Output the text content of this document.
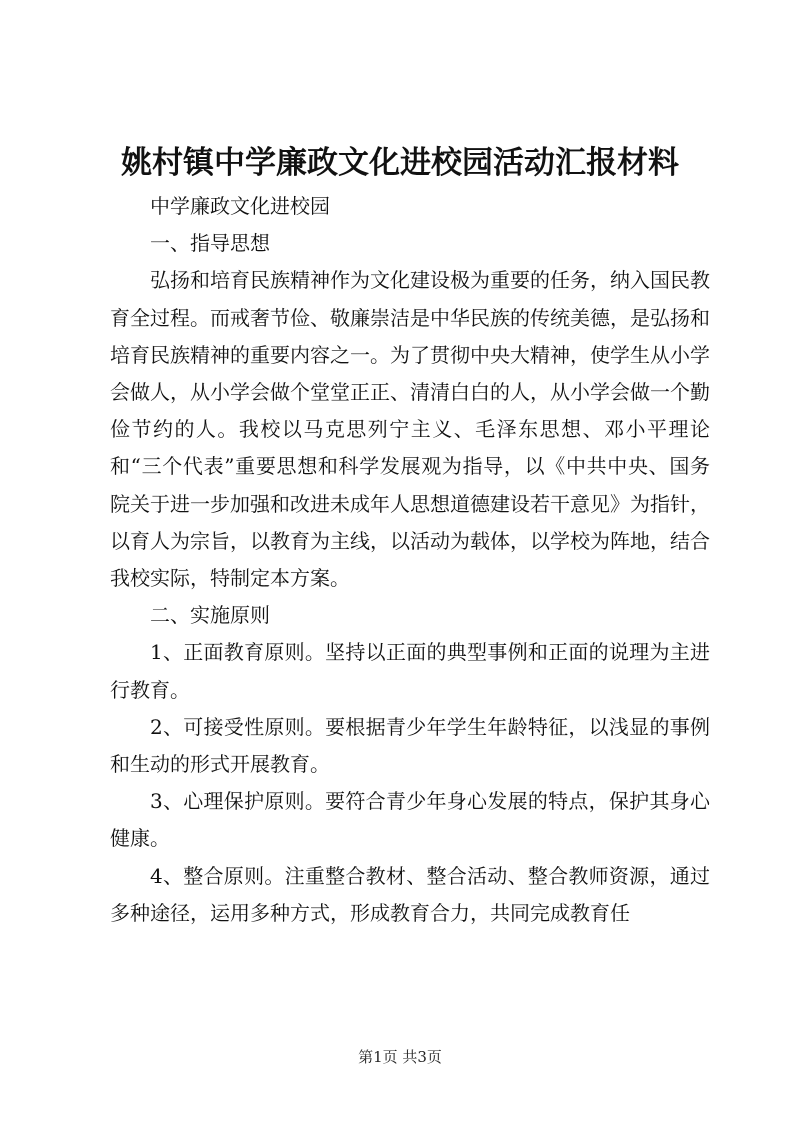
姚村镇中学廉政文化进校园活动汇报材料

中学廉政文化进校园

一、指导思想

弘扬和培育民族精神作为文化建设极为重要的任务，纳入国民教育全过程。而戒奢节俭、敬廉崇洁是中华民族的传统美德，是弘扬和培育民族精神的重要内容之一。为了贯彻中央大精神，使学生从小学会做人，从小学会做个堂堂正正、清清白白的人，从小学会做一个勤俭节约的人。我校以马克思列宁主义、毛泽东思想、邓小平理论和“三个代表”重要思想和科学发展观为指导，以《中共中央、国务院关于进一步加强和改进未成年人思想道德建设若干意见》为指针，以育人为宗旨，以教育为主线，以活动为载体，以学校为阵地，结合我校实际，特制定本方案。

二、实施原则

1、正面教育原则。坚持以正面的典型事例和正面的说理为主进行教育。

2、可接受性原则。要根据青少年学生年龄特征，以浅显的事例和生动的形式开展教育。

3、心理保护原则。要符合青少年身心发展的特点，保护其身心健康。

4、整合原则。注重整合教材、整合活动、整合教师资源，通过多种途径，运用多种方式，形成教育合力，共同完成教育任

第1页 共3页
